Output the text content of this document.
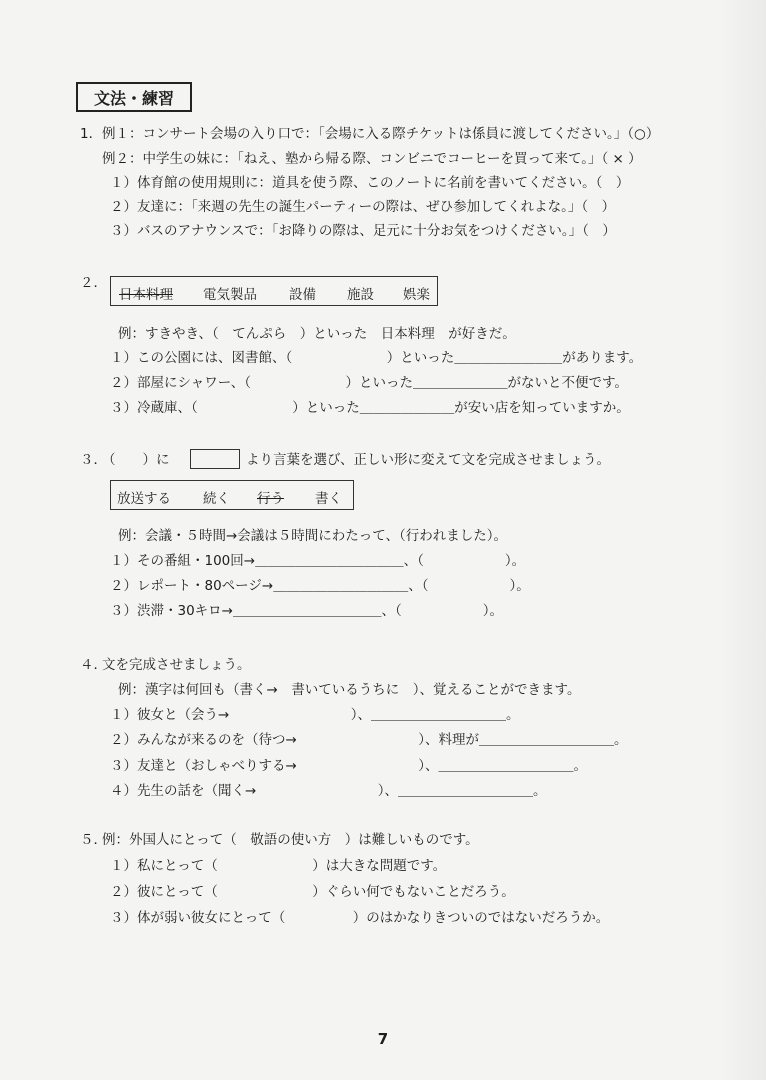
文法・練習
1． 例１：コンサート会場の入り口で：「会場に入る際チケットは係員に渡してください。」（○）
例２：中学生の妹に：「ねえ、塾から帰る際、コンビニでコーヒーを買って来て。」（ × ）
１）体育館の使用規則に：道具を使う際、このノートに名前を書いてください。（　）
２）友達に：「来週の先生の誕生パーティーの際は、ぜひ参加してくれよな。」（　）
３）バスのアナウンスで：「お降りの際は、足元に十分お気をつけください。」（　）
２．
日本料理 電気製品 設備 施設 娯楽
例：すきやき、（　てんぷら　）といった　日本料理　が好きだ。
１）この公園には、図書館、（　　　　　　　）といった＿＿＿＿＿＿＿＿があります。
２）部屋にシャワー、（　　　　　　　）といった＿＿＿＿＿＿＿がないと不便です。
３）冷蔵庫、（　　　　　　　）といった＿＿＿＿＿＿＿が安い店を知っていますか。
３．
（　　）に	より言葉を選び、正しい形に変えて文を完成させましょう。
放送する 続く 行う 書く
例：会議・５時間→会議は５時間にわたって、（行われました）。
１）その番組・100回→＿＿＿＿＿＿＿＿＿＿＿、（　　　　　　）。
２）レポート・80ページ→＿＿＿＿＿＿＿＿＿＿、（　　　　　　）。
３）渋滞・30キロ→＿＿＿＿＿＿＿＿＿＿＿、（　　　　　　）。
４．
文を完成させましょう。
例：漢字は何回も（書く→　書いているうちに　）、覚えることができます。
１）彼女と（会う→　　　　　　　　　）、＿＿＿＿＿＿＿＿＿＿。
２）みんなが来るのを（待つ→　　　　　　　　　）、料理が＿＿＿＿＿＿＿＿＿＿。
３）友達と（おしゃべりする→　　　　　　　　　）、＿＿＿＿＿＿＿＿＿＿。
４）先生の話を（聞く→　　　　　　　　　）、＿＿＿＿＿＿＿＿＿＿。
５．
例：外国人にとって（　敬語の使い方　）は難しいものです。
１）私にとって（　　　　　　　）は大きな問題です。
２）彼にとって（　　　　　　　）ぐらい何でもないことだろう。
３）体が弱い彼女にとって（　　　　　）のはかなりきついのではないだろうか。
7
